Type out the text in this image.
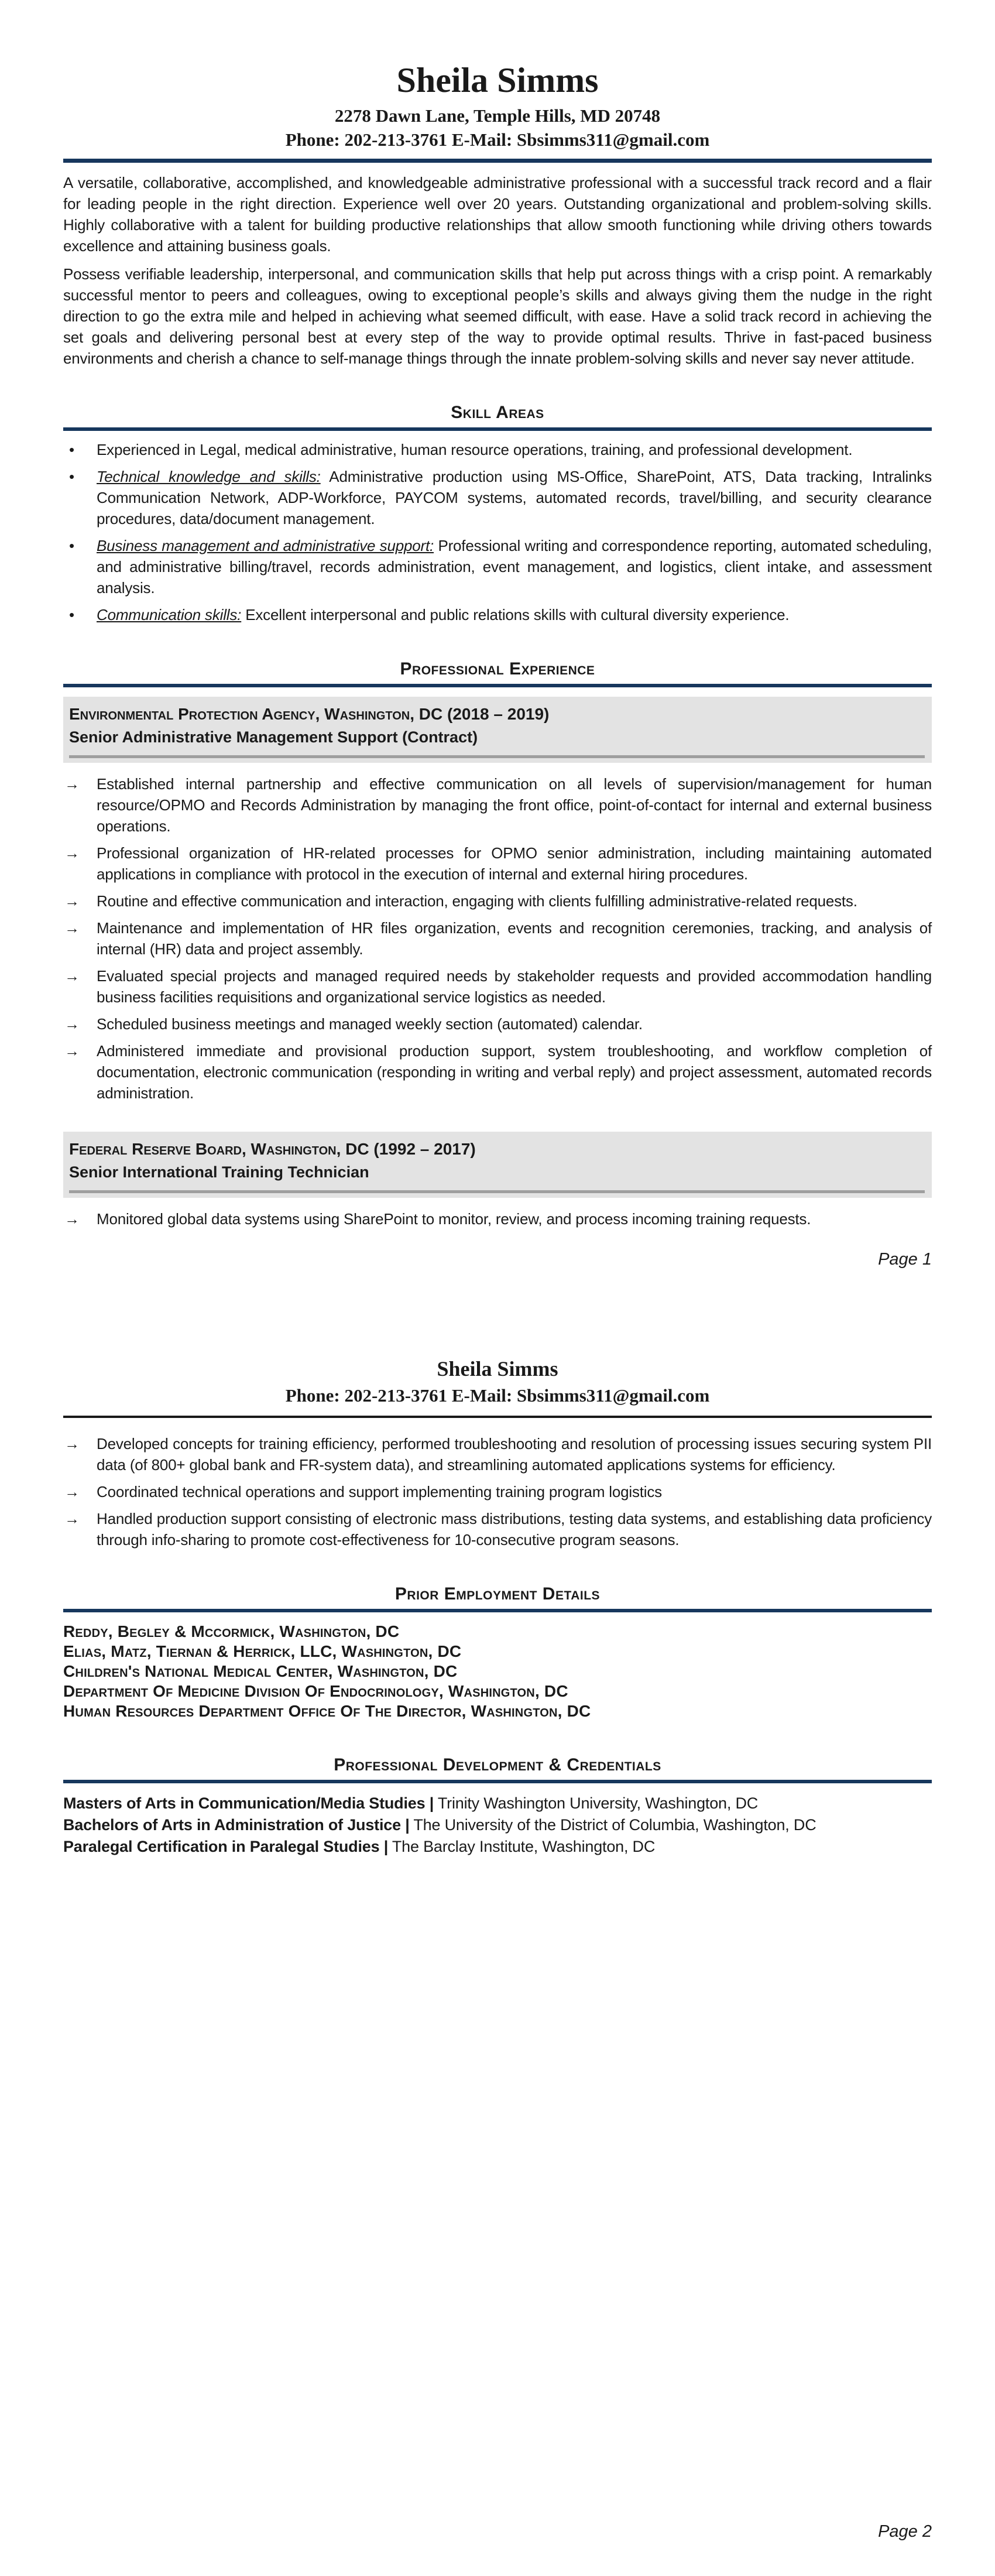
Sheila Simms
2278 Dawn Lane, Temple Hills, MD 20748
Phone: 202-213-3761 E-Mail: Sbsimms311@gmail.com

A versatile, collaborative, accomplished, and knowledgeable administrative professional with a successful track record and a flair for leading people in the right direction. Experience well over 20 years. Outstanding organizational and problem-solving skills. Highly collaborative with a talent for building productive relationships that allow smooth functioning while driving others towards excellence and attaining business goals.

Possess verifiable leadership, interpersonal, and communication skills that help put across things with a crisp point. A remarkably successful mentor to peers and colleagues, owing to exceptional people’s skills and always giving them the nudge in the right direction to go the extra mile and helped in achieving what seemed difficult, with ease. Have a solid track record in achieving the set goals and delivering personal best at every step of the way to provide optimal results. Thrive in fast-paced business environments and cherish a chance to self-manage things through the innate problem-solving skills and never say never attitude.

Skill Areas
•	Experienced in Legal, medical administrative, human resource operations, training, and professional development.
•	Technical knowledge and skills: Administrative production using MS-Office, SharePoint, ATS, Data tracking, Intralinks Communication Network, ADP-Workforce, PAYCOM systems, automated records, travel/billing, and security clearance procedures, data/document management.
•	Business management and administrative support: Professional writing and correspondence reporting, automated scheduling, and administrative billing/travel, records administration, event management, and logistics, client intake, and assessment analysis.
•	Communication skills: Excellent interpersonal and public relations skills with cultural diversity experience.
Professional Experience
Environmental Protection Agency, Washington, DC (2018 – 2019)
Senior Administrative Management Support (Contract)
→	Established internal partnership and effective communication on all levels of supervision/management for human resource/OPMO and Records Administration by managing the front office, point-of-contact for internal and external business operations.
→	Professional organization of HR-related processes for OPMO senior administration, including maintaining automated applications in compliance with protocol in the execution of internal and external hiring procedures.
→	Routine and effective communication and interaction, engaging with clients fulfilling administrative-related requests.
→	Maintenance and implementation of HR files organization, events and recognition ceremonies, tracking, and analysis of internal (HR) data and project assembly.
→	Evaluated special projects and managed required needs by stakeholder requests and provided accommodation handling business facilities requisitions and organizational service logistics as needed.
→	Scheduled business meetings and managed weekly section (automated) calendar.
→	Administered immediate and provisional production support, system troubleshooting, and workflow completion of documentation, electronic communication (responding in writing and verbal reply) and project assessment, automated records administration.
Federal Reserve Board, Washington, DC (1992 – 2017)
Senior International Training Technician
→	Monitored global data systems using SharePoint to monitor, review, and process incoming training requests.
Page 1
Sheila Simms
Phone: 202-213-3761 E-Mail: Sbsimms311@gmail.com
→	Developed concepts for training efficiency, performed troubleshooting and resolution of processing issues securing system PII data (of 800+ global bank and FR-system data), and streamlining automated applications systems for efficiency.
→	Coordinated technical operations and support implementing training program logistics
→	Handled production support consisting of electronic mass distributions, testing data systems, and establishing data proficiency through info-sharing to promote cost-effectiveness for 10-consecutive program seasons.
Prior Employment Details
Reddy, Begley & Mccormick, Washington, DC
Elias, Matz, Tiernan & Herrick, LLC, Washington, DC
Children's National Medical Center, Washington, DC
Department Of Medicine Division Of Endocrinology, Washington, DC
Human Resources Department Office Of The Director, Washington, DC
Professional Development & Credentials
Masters of Arts in Communication/Media Studies | Trinity Washington University, Washington, DC
Bachelors of Arts in Administration of Justice | The University of the District of Columbia, Washington, DC
Paralegal Certification in Paralegal Studies | The Barclay Institute, Washington, DC
Page 2
